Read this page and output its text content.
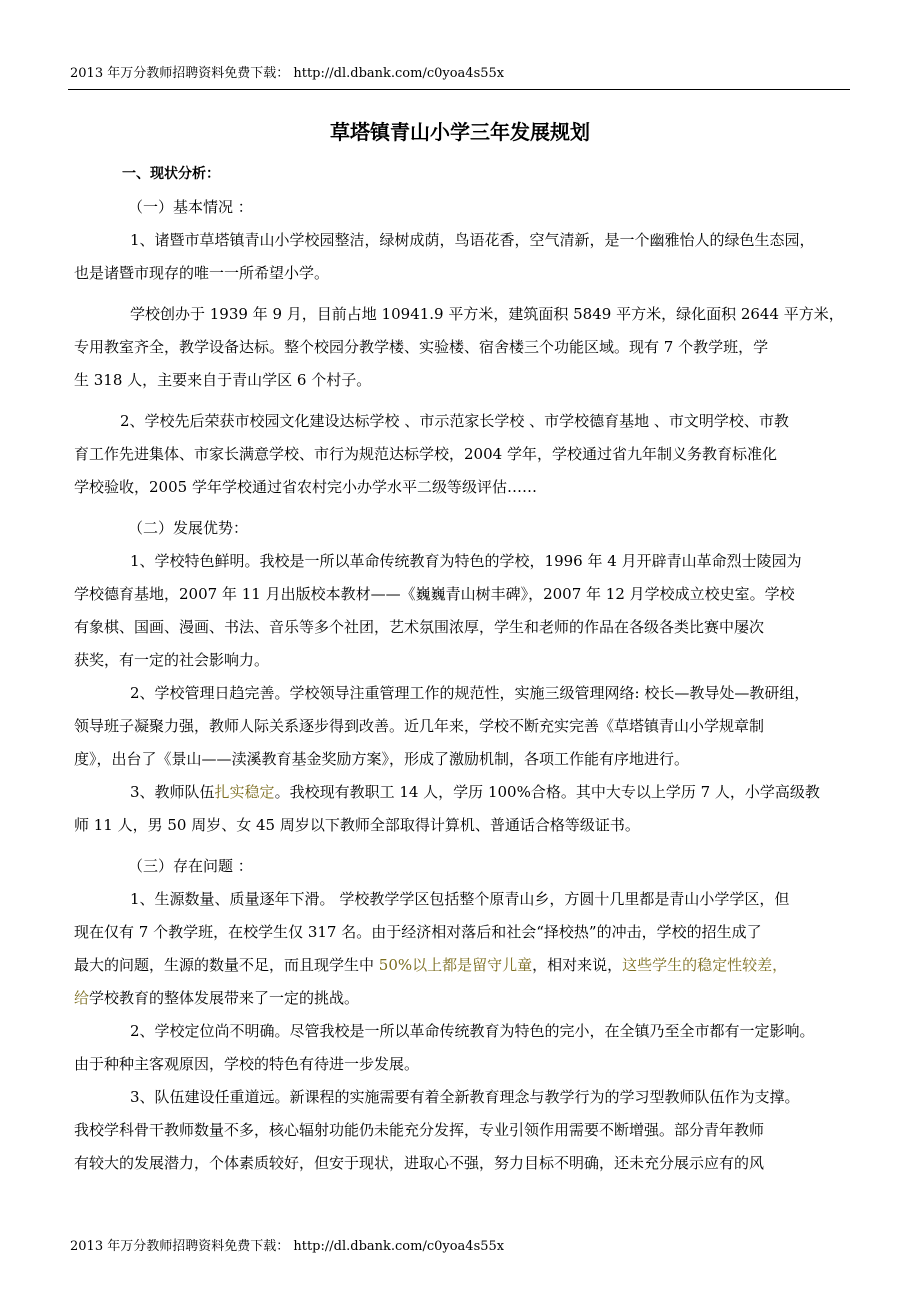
2013 年万分教师招聘资料免费下载： http://dl.dbank.com/c0yoa4s55x
草塔镇青山小学三年发展规划
一、现状分析：
（一）基本情况 ：
1、诸暨市草塔镇青山小学校园整洁，绿树成荫，鸟语花香，空气清新，是一个幽雅怡人的绿色生态园，
也是诸暨市现存的唯一一所希望小学。
学校创办于 1939 年 9 月，目前占地 10941.9 平方米，建筑面积 5849 平方米，绿化面积 2644 平方米，
专用教室齐全，教学设备达标。整个校园分教学楼、实验楼、宿舍楼三个功能区域。现有 7 个教学班，学
生 318 人，主要来自于青山学区 6 个村子。
2、学校先后荣获市校园文化建设达标学校 、市示范家长学校 、市学校德育基地 、市文明学校、市教
育工作先进集体、市家长满意学校、市行为规范达标学校，2004 学年，学校通过省九年制义务教育标准化
学校验收，2005 学年学校通过省农村完小办学水平二级等级评估……
（二）发展优势：
1、学校特色鲜明。我校是一所以革命传统教育为特色的学校，1996 年 4 月开辟青山革命烈士陵园为
学校德育基地，2007 年 11 月出版校本教材——《巍巍青山树丰碑》，2007 年 12 月学校成立校史室。学校
有象棋、国画、漫画、书法、音乐等多个社团，艺术氛围浓厚，学生和老师的作品在各级各类比赛中屡次
获奖，有一定的社会影响力。
2、学校管理日趋完善。学校领导注重管理工作的规范性，实施三级管理网络: 校长—教导处—教研组，
领导班子凝聚力强，教师人际关系逐步得到改善。近几年来，学校不断充实完善《草塔镇青山小学规章制
度》，出台了《景山——渎溪教育基金奖励方案》，形成了激励机制，各项工作能有序地进行。
3、教师队伍扎实稳定。我校现有教职工 14 人，学历 100%合格。其中大专以上学历 7 人，小学高级教
师 11 人，男 50 周岁、女 45 周岁以下教师全部取得计算机、普通话合格等级证书。
（三）存在问题 ：
1、生源数量、质量逐年下滑。 学校教学学区包括整个原青山乡，方圆十几里都是青山小学学区，但
现在仅有 7 个教学班，在校学生仅 317 名。由于经济相对落后和社会“择校热”的冲击，学校的招生成了
最大的问题，生源的数量不足，而且现学生中 50%以上都是留守儿童，相对来说，这些学生的稳定性较差，
给学校教育的整体发展带来了一定的挑战。
2、学校定位尚不明确。尽管我校是一所以革命传统教育为特色的完小，在全镇乃至全市都有一定影响。
由于种种主客观原因，学校的特色有待进一步发展。
3、队伍建设任重道远。新课程的实施需要有着全新教育理念与教学行为的学习型教师队伍作为支撑。
我校学科骨干教师数量不多，核心辐射功能仍未能充分发挥，专业引领作用需要不断增强。部分青年教师
有较大的发展潜力，个体素质较好，但安于现状，进取心不强，努力目标不明确，还未充分展示应有的风
2013 年万分教师招聘资料免费下载： http://dl.dbank.com/c0yoa4s55x
